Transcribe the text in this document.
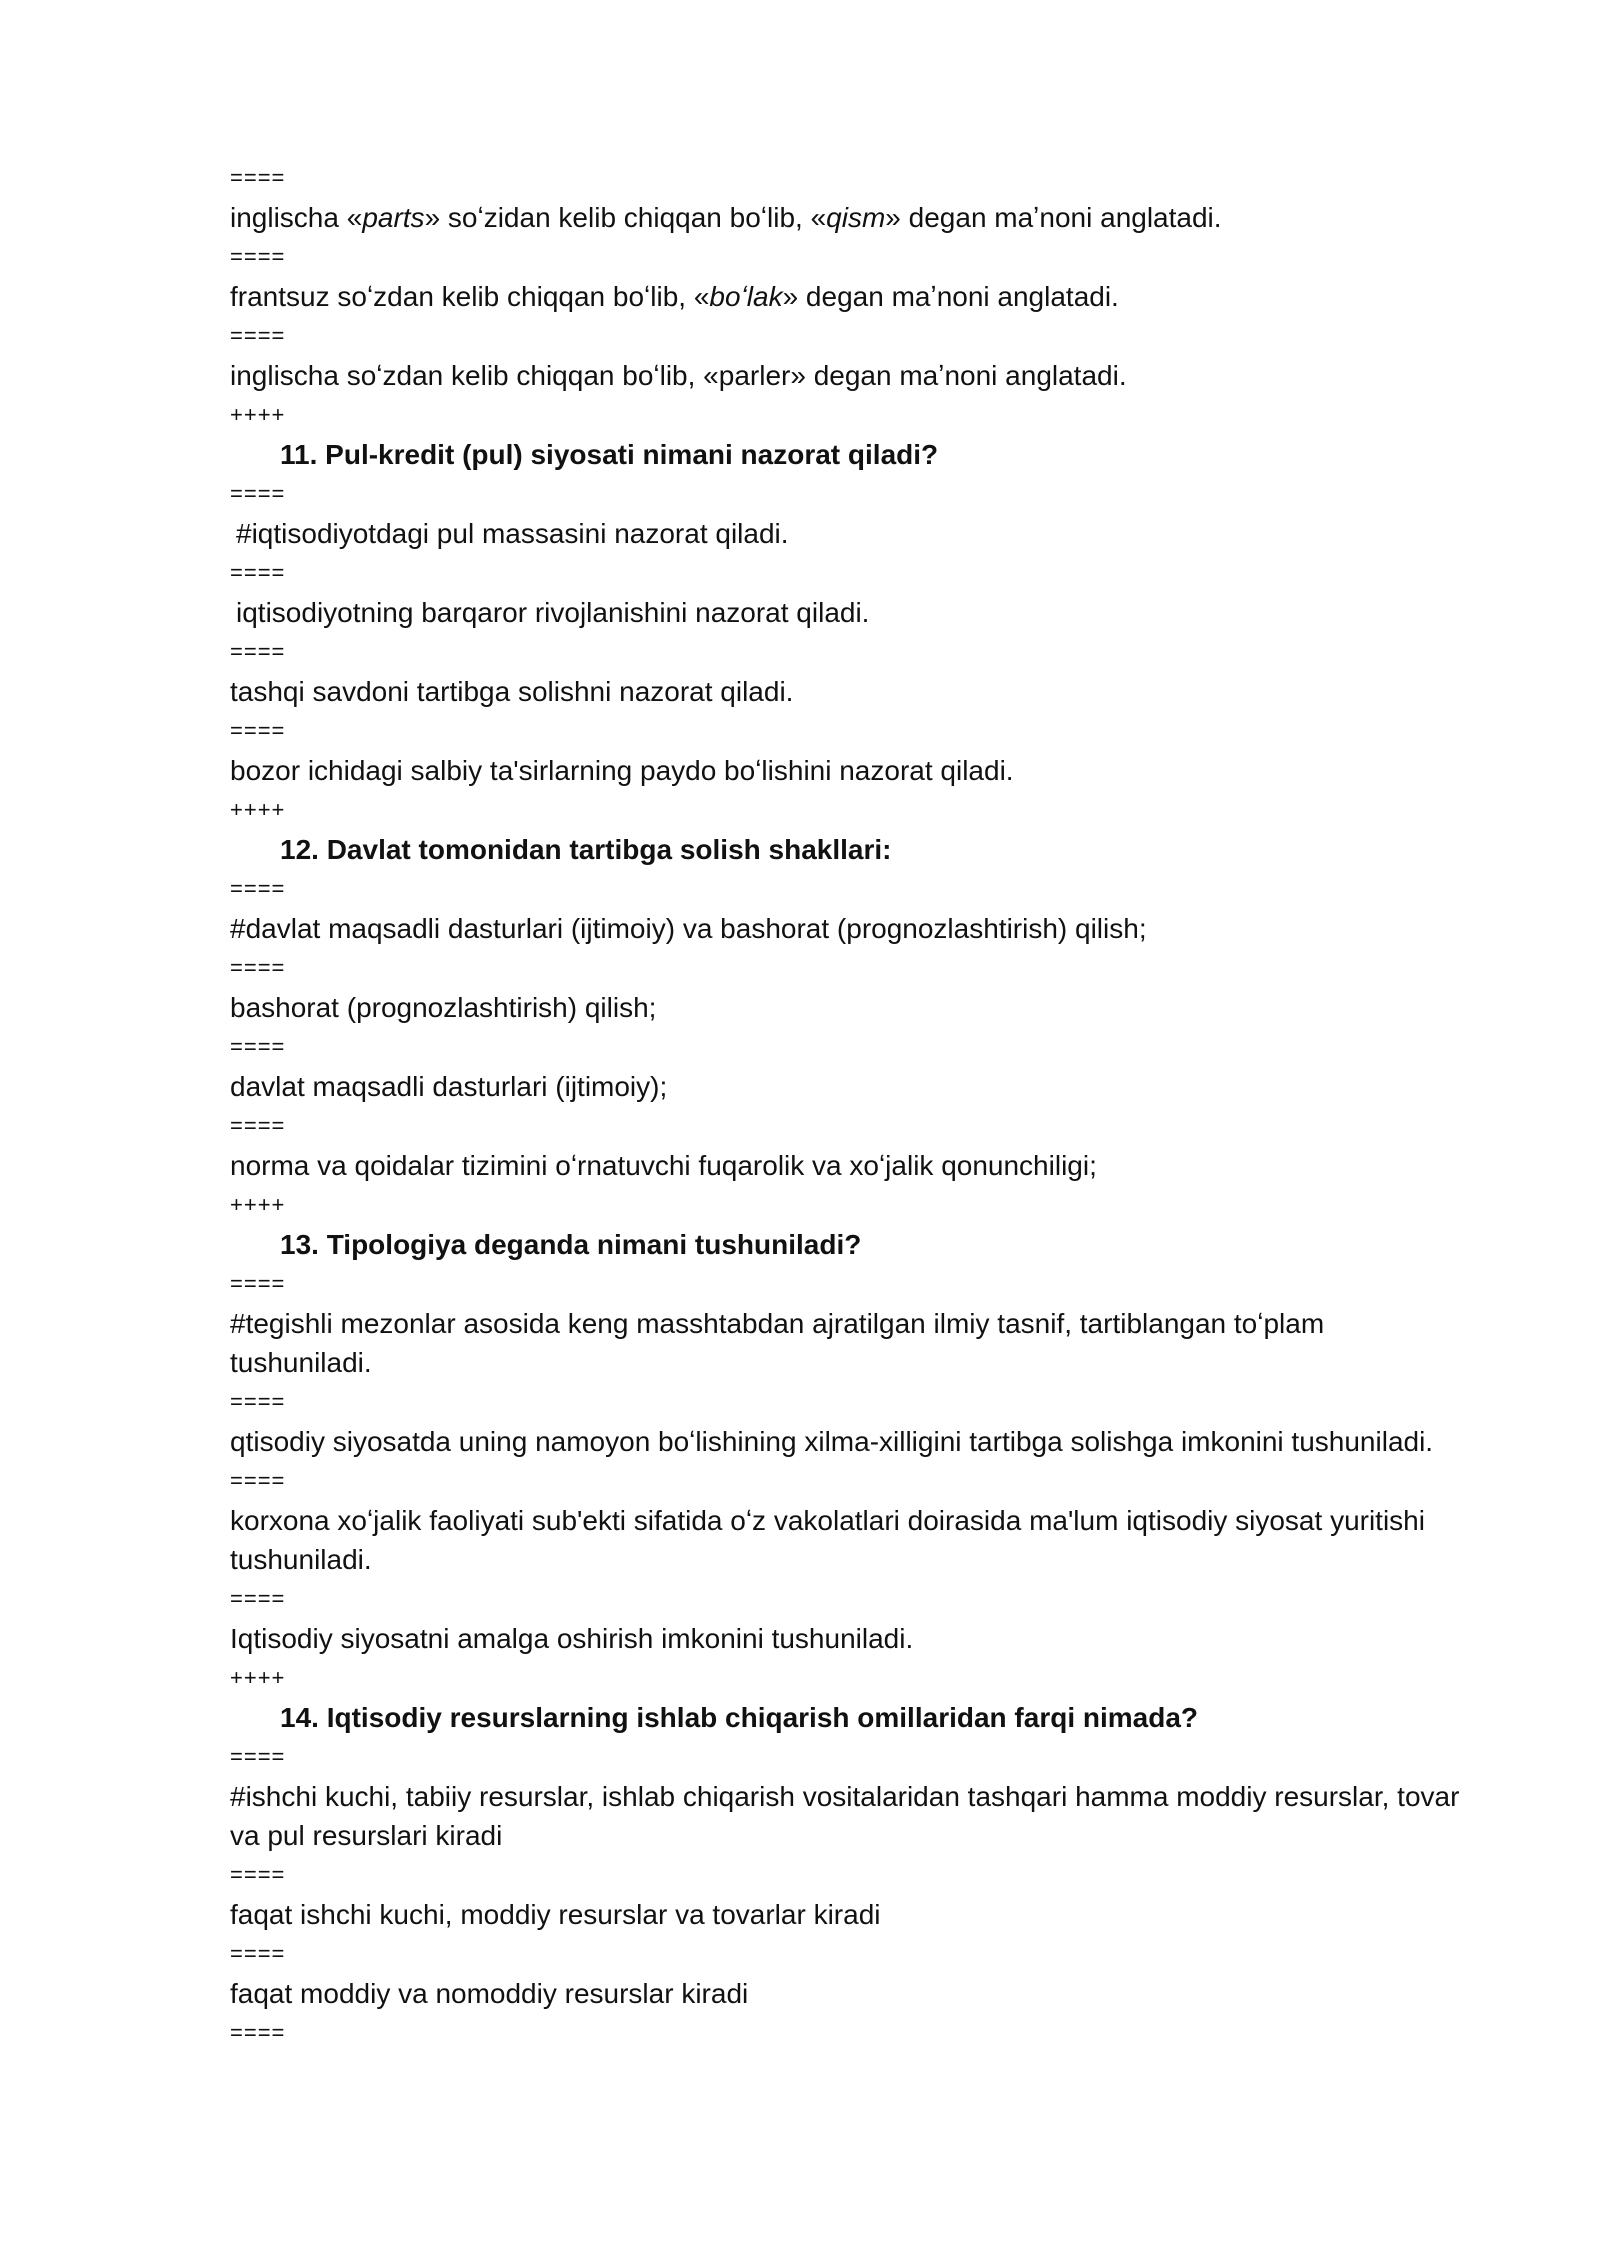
====
inglischa «parts» soʻzidan kelib chiqqan boʻlib, «qism» degan maʼnoni anglatadi.
====
frantsuz soʻzdan kelib chiqqan boʻlib, «boʻlak» degan maʼnoni anglatadi.
====
inglischa soʻzdan kelib chiqqan boʻlib, «parler» degan maʼnoni anglatadi.
++++
11. Pul-kredit (pul) siyosati nimani nazorat qiladi?
====
#iqtisodiyotdagi pul massasini nazorat qiladi.
====
iqtisodiyotning barqaror rivojlanishini nazorat qiladi.
====
tashqi savdoni tartibga solishni nazorat qiladi.
====
bozor ichidagi salbiy ta'sirlarning paydo boʻlishini nazorat qiladi.
++++
12. Davlat tomonidan tartibga solish shakllari:
====
#davlat maqsadli dasturlari (ijtimoiy) va bashorat (prognozlashtirish) qilish;
====
bashorat (prognozlashtirish) qilish;
====
davlat maqsadli dasturlari (ijtimoiy);
====
norma va qoidalar tizimini oʻrnatuvchi fuqarolik va xoʻjalik qonunchiligi;
++++
13. Tipologiya deganda nimani tushuniladi?
====
#tegishli mezonlar asosida keng masshtabdan ajratilgan ilmiy tasnif, tartiblangan toʻplam tushuniladi.
====
qtisodiy siyosatda uning namoyon boʻlishining xilma-xilligini tartibga solishga imkonini tushuniladi.
====
korxona xoʻjalik faoliyati sub'ekti sifatida oʻz vakolatlari doirasida ma'lum iqtisodiy siyosat yuritishi tushuniladi.
====
Iqtisodiy siyosatni amalga oshirish imkonini tushuniladi.
++++
14. Iqtisodiy resurslarning ishlab chiqarish omillaridan farqi nimada?
====
#ishchi kuchi, tabiiy resurslar, ishlab chiqarish vositalaridan tashqari hamma moddiy resurslar, tovar va pul resurslari kiradi
====
faqat ishchi kuchi, moddiy resurslar va tovarlar kiradi
====
faqat moddiy va nomoddiy resurslar kiradi
====
